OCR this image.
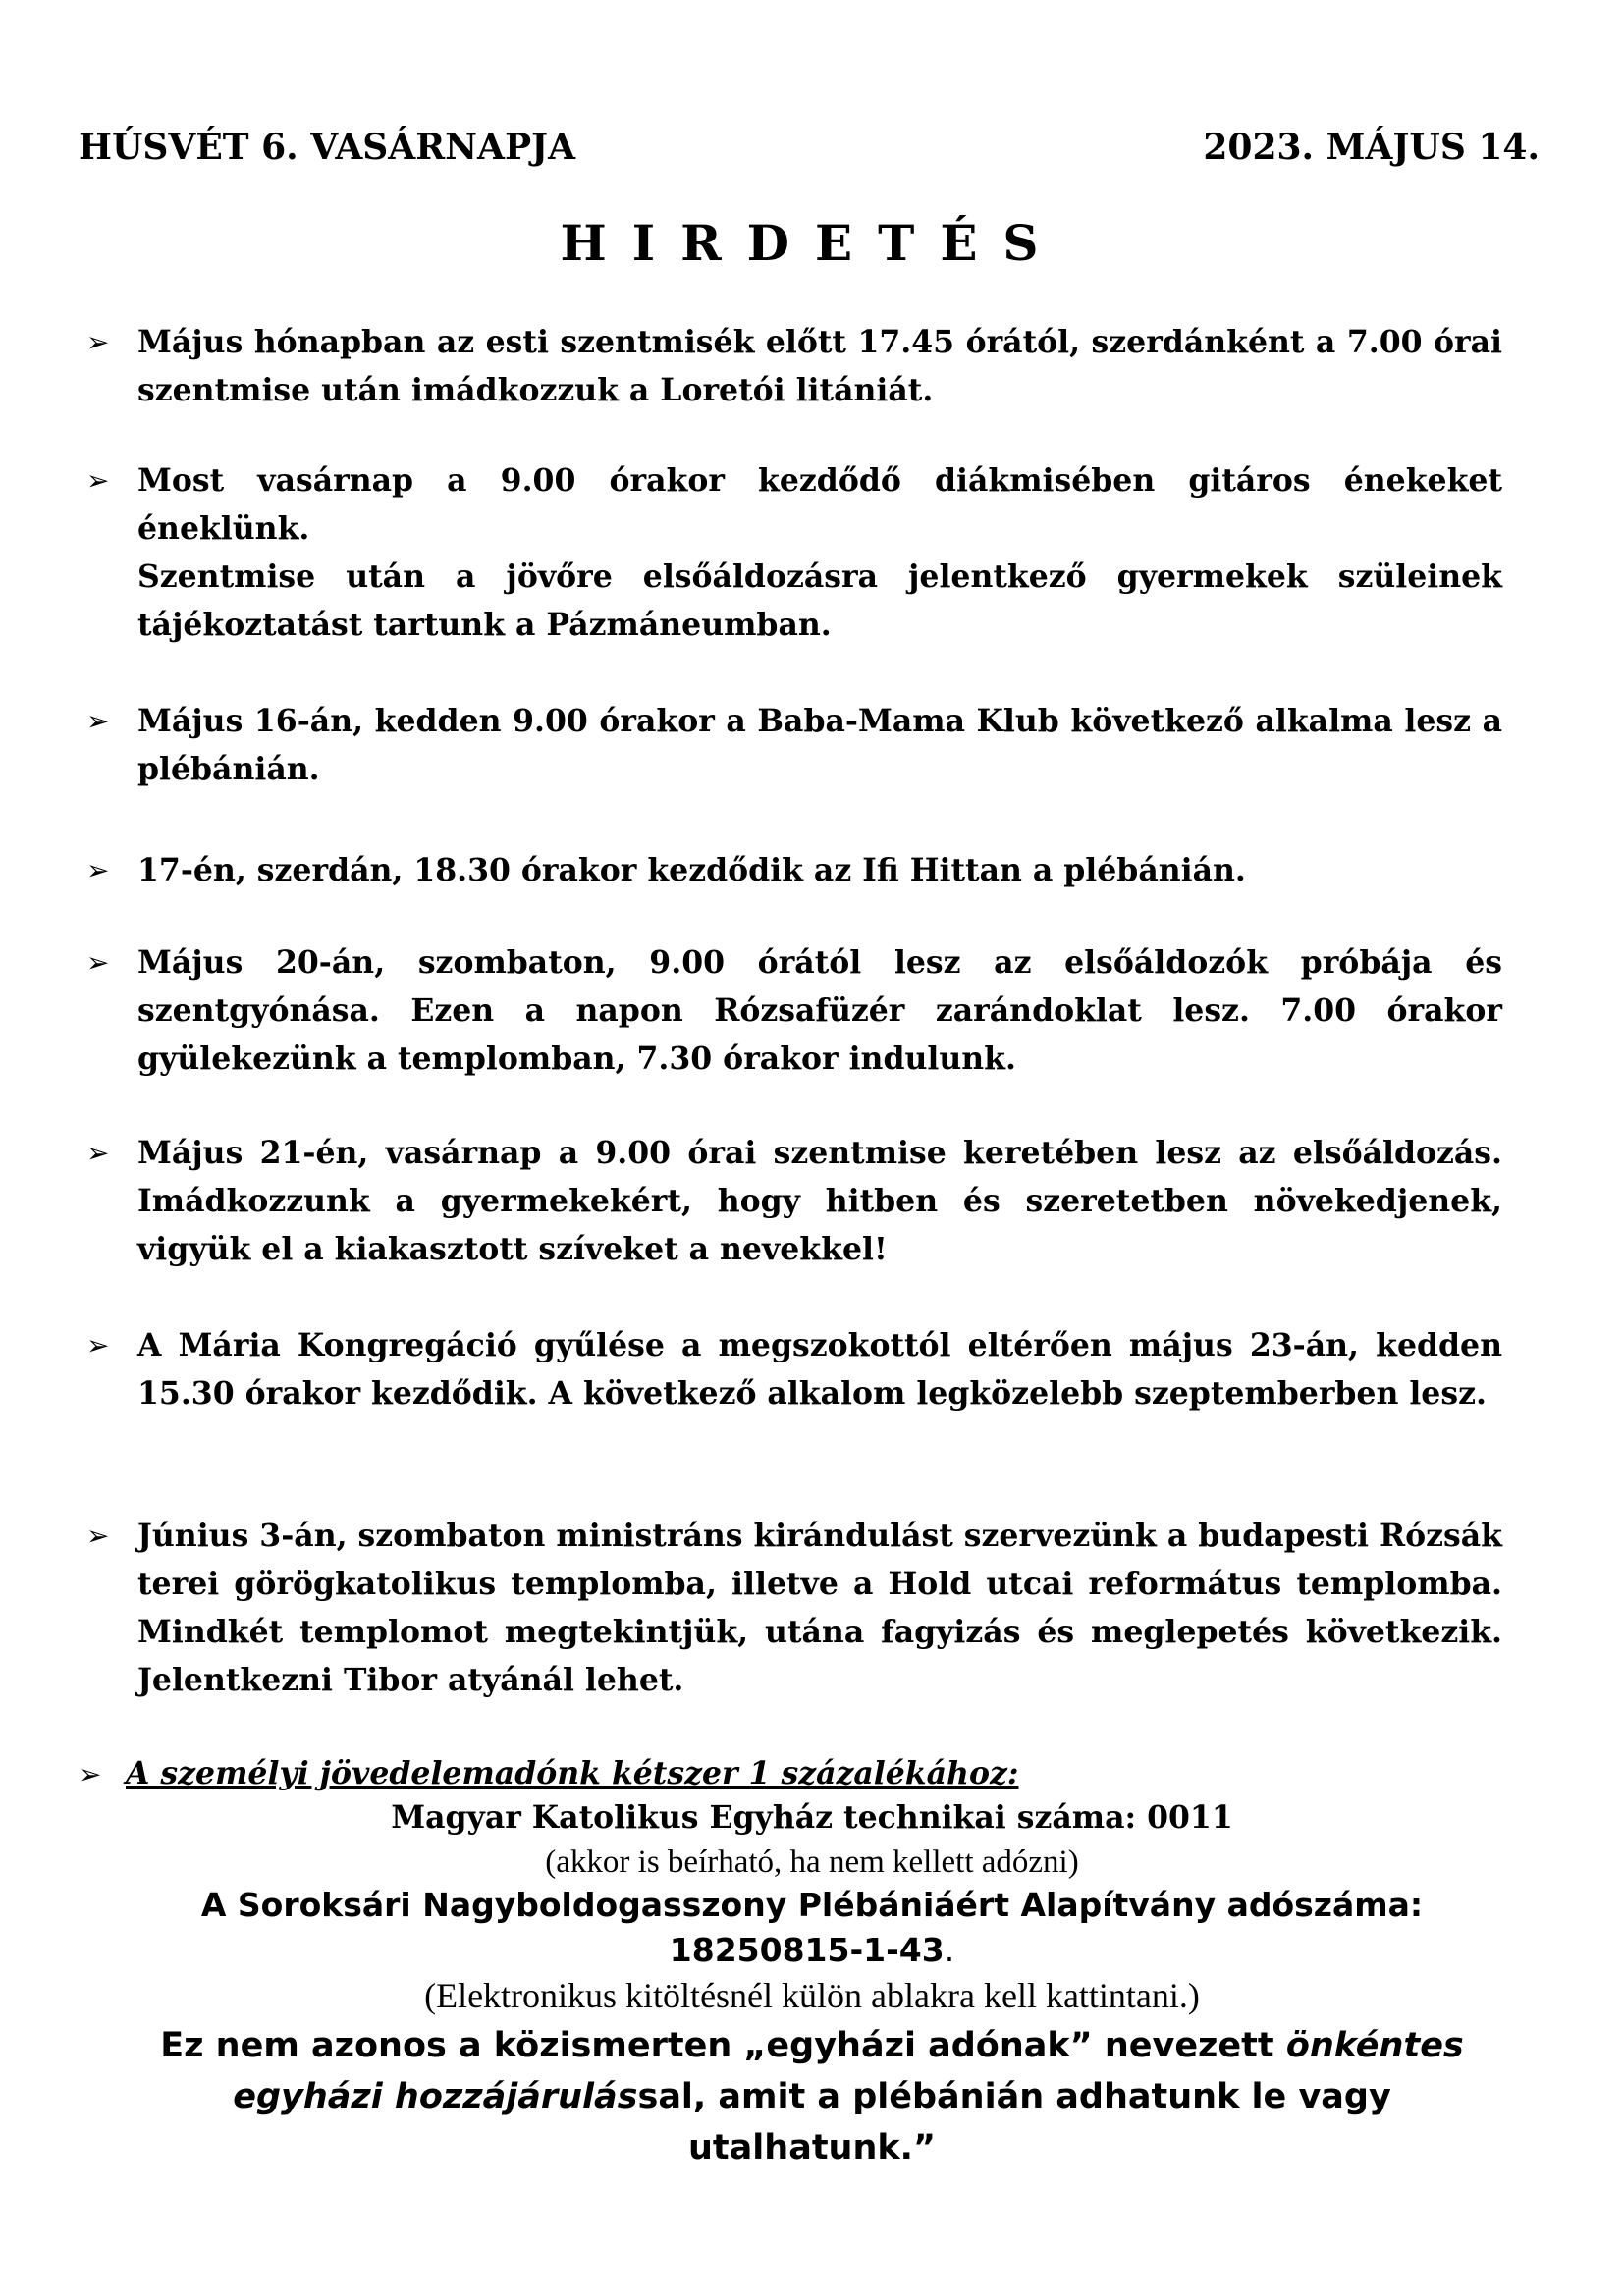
HÚSVÉT 6. VASÁRNAPJA	2023. MÁJUS 14.
HIRDETÉS
➢ Május hónapban az esti szentmisék előtt 17.45 órától, szerdánként a 7.00 órai szentmise után imádkozzuk a Loretói litániát.

➢ Most vasárnap a 9.00 órakor kezdődő diákmisében gitáros énekeket éneklünk.

Szentmise után a jövőre elsőáldozásra jelentkező gyermekek szüleinek tájékoztatást tartunk a Pázmáneumban.

➢ Május 16-án, kedden 9.00 órakor a Baba-Mama Klub következő alkalma lesz a plébánián.

➢ 17-én, szerdán, 18.30 órakor kezdődik az Ifi Hittan a plébánián.

➢ Május 20-án, szombaton, 9.00 órától lesz az elsőáldozók próbája és szentgyónása. Ezen a napon Rózsafüzér zarándoklat lesz. 7.00 órakor gyülekezünk a templomban, 7.30 órakor indulunk.

➢ Május 21-én, vasárnap a 9.00 órai szentmise keretében lesz az elsőáldozás. Imádkozzunk a gyermekekért, hogy hitben és szeretetben növekedjenek, vigyük el a kiakasztott szíveket a nevekkel!

➢ A Mária Kongregáció gyűlése a megszokottól eltérően május 23-án, kedden 15.30 órakor kezdődik. A következő alkalom legközelebb szeptemberben lesz.

➢ Június 3-án, szombaton ministráns kirándulást szervezünk a budapesti Rózsák terei görögkatolikus templomba, illetve a Hold utcai református templomba. Mindkét templomot megtekintjük, utána fagyizás és meglepetés következik. Jelentkezni Tibor atyánál lehet.

➢ A személyi jövedelemadónk kétszer 1 százalékához:
Magyar Katolikus Egyház technikai száma: 0011
(akkor is beírható, ha nem kellett adózni)
A Soroksári Nagyboldogasszony Plébániáért Alapítvány adószáma:
18250815-1-43.
(Elektronikus kitöltésnél külön ablakra kell kattintani.)
Ez nem azonos a közismerten „egyházi adónak” nevezett önkéntes
egyházi hozzájárulással, amit a plébánián adhatunk le vagy
utalhatunk.”
